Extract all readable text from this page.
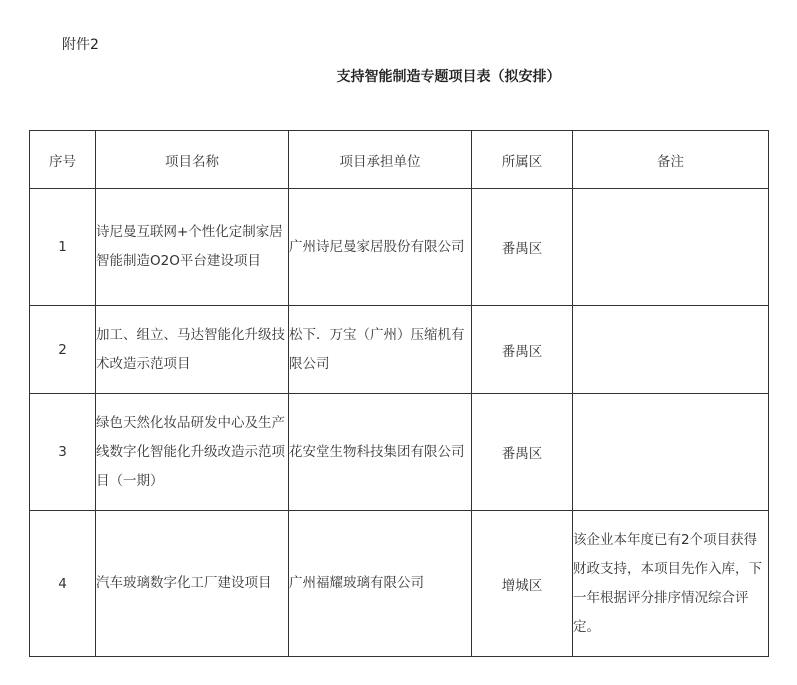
附件2
支持智能制造专题项目表（拟安排）
序号	项目名称	项目承担单位	所属区	备注
1	诗尼曼互联网+个性化定制家居智能制造O2O平台建设项目	广州诗尼曼家居股份有限公司	番禺区	
2	加工、组立、马达智能化升级技术改造示范项目	松下．万宝（广州）压缩机有限公司	番禺区	
3	绿色天然化妆品研发中心及生产线数字化智能化升级改造示范项目（一期）	花安堂生物科技集团有限公司	番禺区	
4	汽车玻璃数字化工厂建设项目	广州福耀玻璃有限公司	增城区	该企业本年度已有2个项目获得财政支持，本项目先作入库，下一年根据评分排序情况综合评定。
